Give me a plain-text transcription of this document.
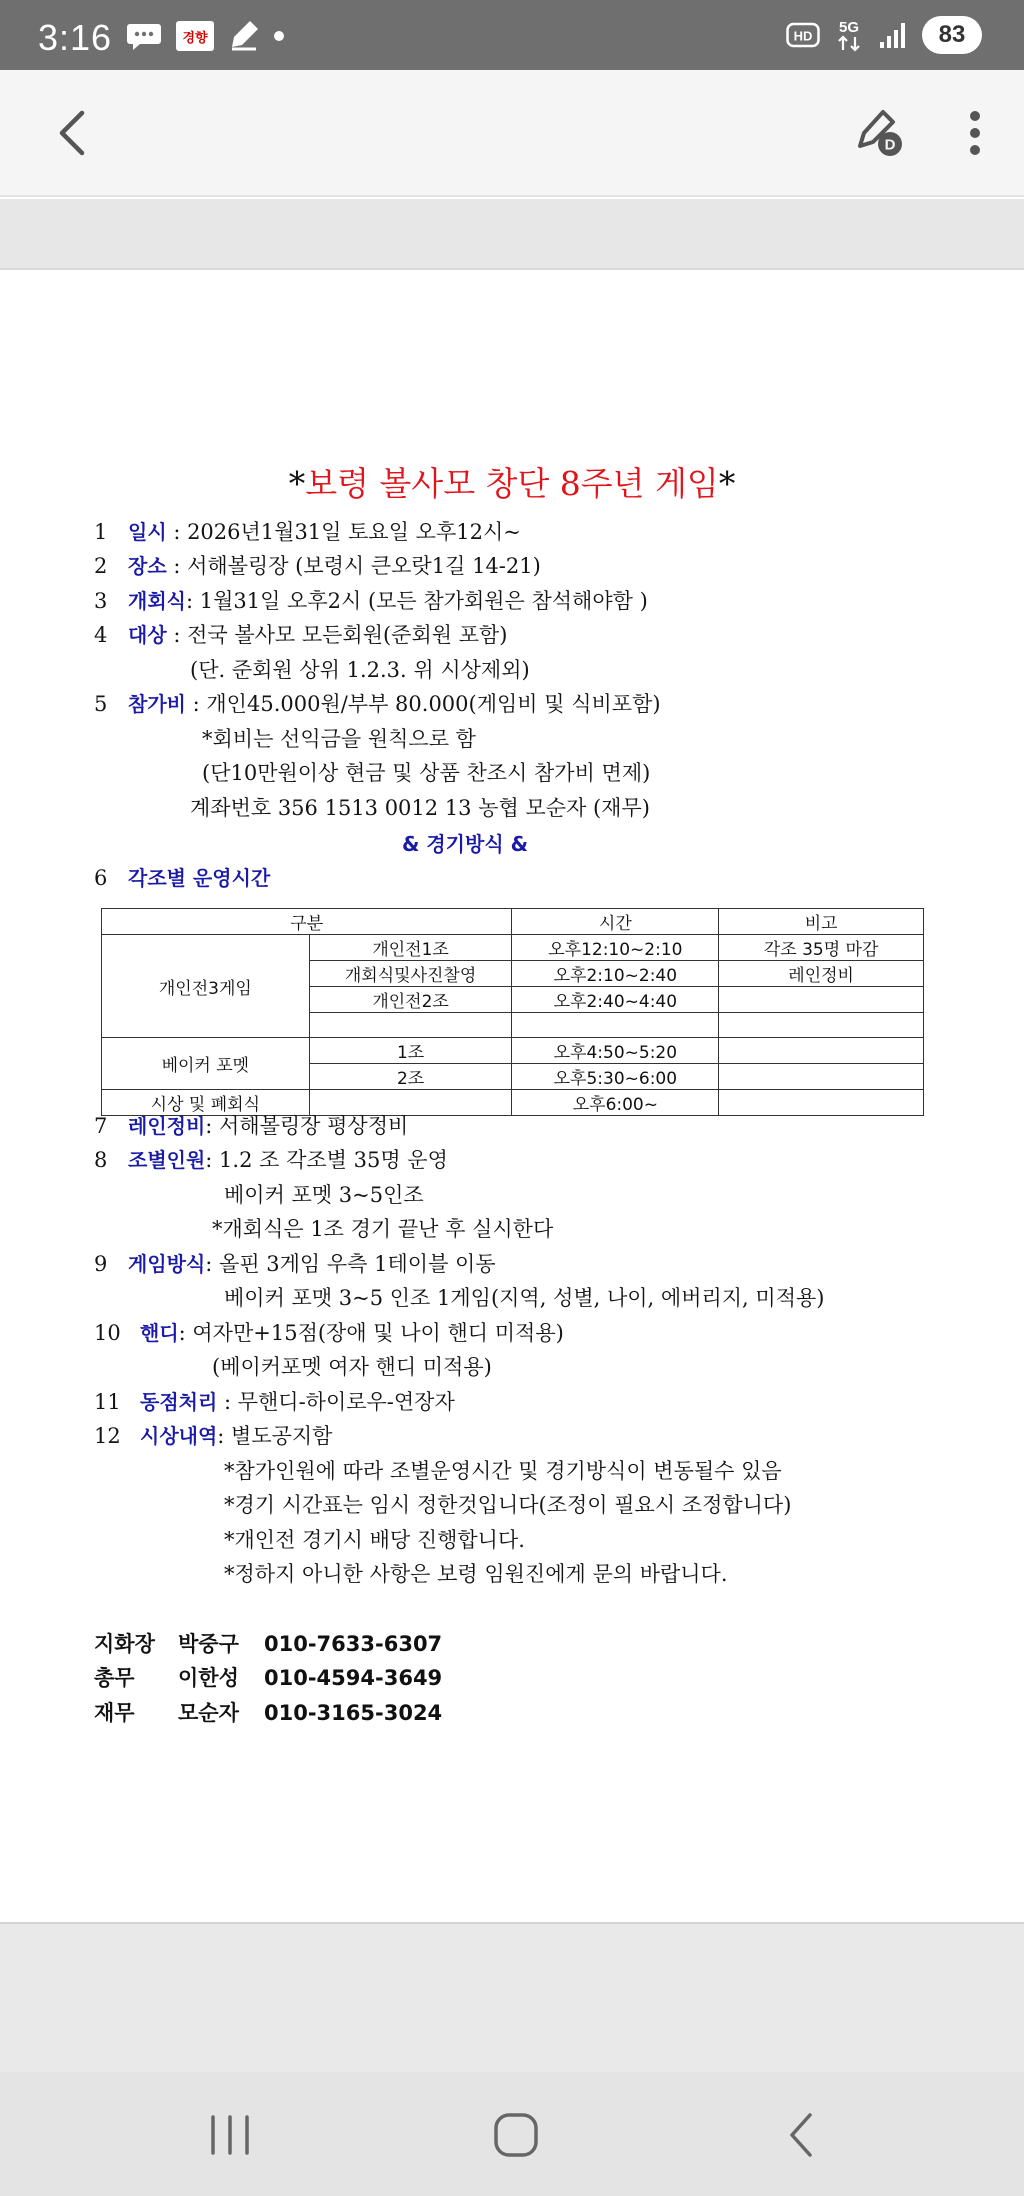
3:16	경향	HD 5G	83
D
*보령 볼사모 창단 8주년 게임*
1 일시 : 2026년1월31일 토요일 오후12시~
2 장소 : 서해볼링장 (보령시 큰오랏1길 14-21)
3 개회식: 1월31일 오후2시 (모든 참가회원은 참석해야함 )
4 대상 : 전국 볼사모 모든회원(준회원 포함)
(단. 준회원 상위 1.2.3. 위 시상제외)
5 참가비 : 개인45.000원/부부 80.000(게임비 및 식비포함)
*회비는 선익금을 원칙으로 함
(단10만원이상 현금 및 상품 찬조시 참가비 면제)
계좌번호 356 1513 0012 13 농협 모순자 (재무)
& 경기방식 &
6 각조별 운영시간
구분		시간	비고
개인전3게임	개인전1조	오후12:10~2:10	각조 35명 마감
	개회식및사진찰영	오후2:10~2:40	레인정비
	개인전2조	오후2:40~4:40	

베이커 포멧	1조	오후4:50~5:20	
	2조	오후5:30~6:00	
시상 및 폐회식		오후6:00~	
7 레인정비: 서해볼링장 평상정비
8 조별인원: 1.2 조 각조별 35명 운영
베이커 포멧 3~5인조
*개회식은 1조 경기 끝난 후 실시한다
9 게임방식: 올핀 3게임 우측 1테이블 이동
베이커 포맷 3~5 인조 1게임(지역, 성별, 나이, 에버리지, 미적용)
10 핸디: 여자만+15점(장애 및 나이 핸디 미적용)
(베이커포멧 여자 핸디 미적용)
11 동점처리 : 무핸디-하이로우-연장자
12 시상내역: 별도공지함
*참가인원에 따라 조별운영시간 및 경기방식이 변동될수 있음
*경기 시간표는 임시 정한것입니다(조정이 필요시 조정합니다)
*개인전 경기시 배당 진행합니다.
*정하지 아니한 사항은 보령 임원진에게 문의 바랍니다.
지화장 박중구 010-7633-6307
총무 이한성 010-4594-3649
재무 모순자 010-3165-3024
